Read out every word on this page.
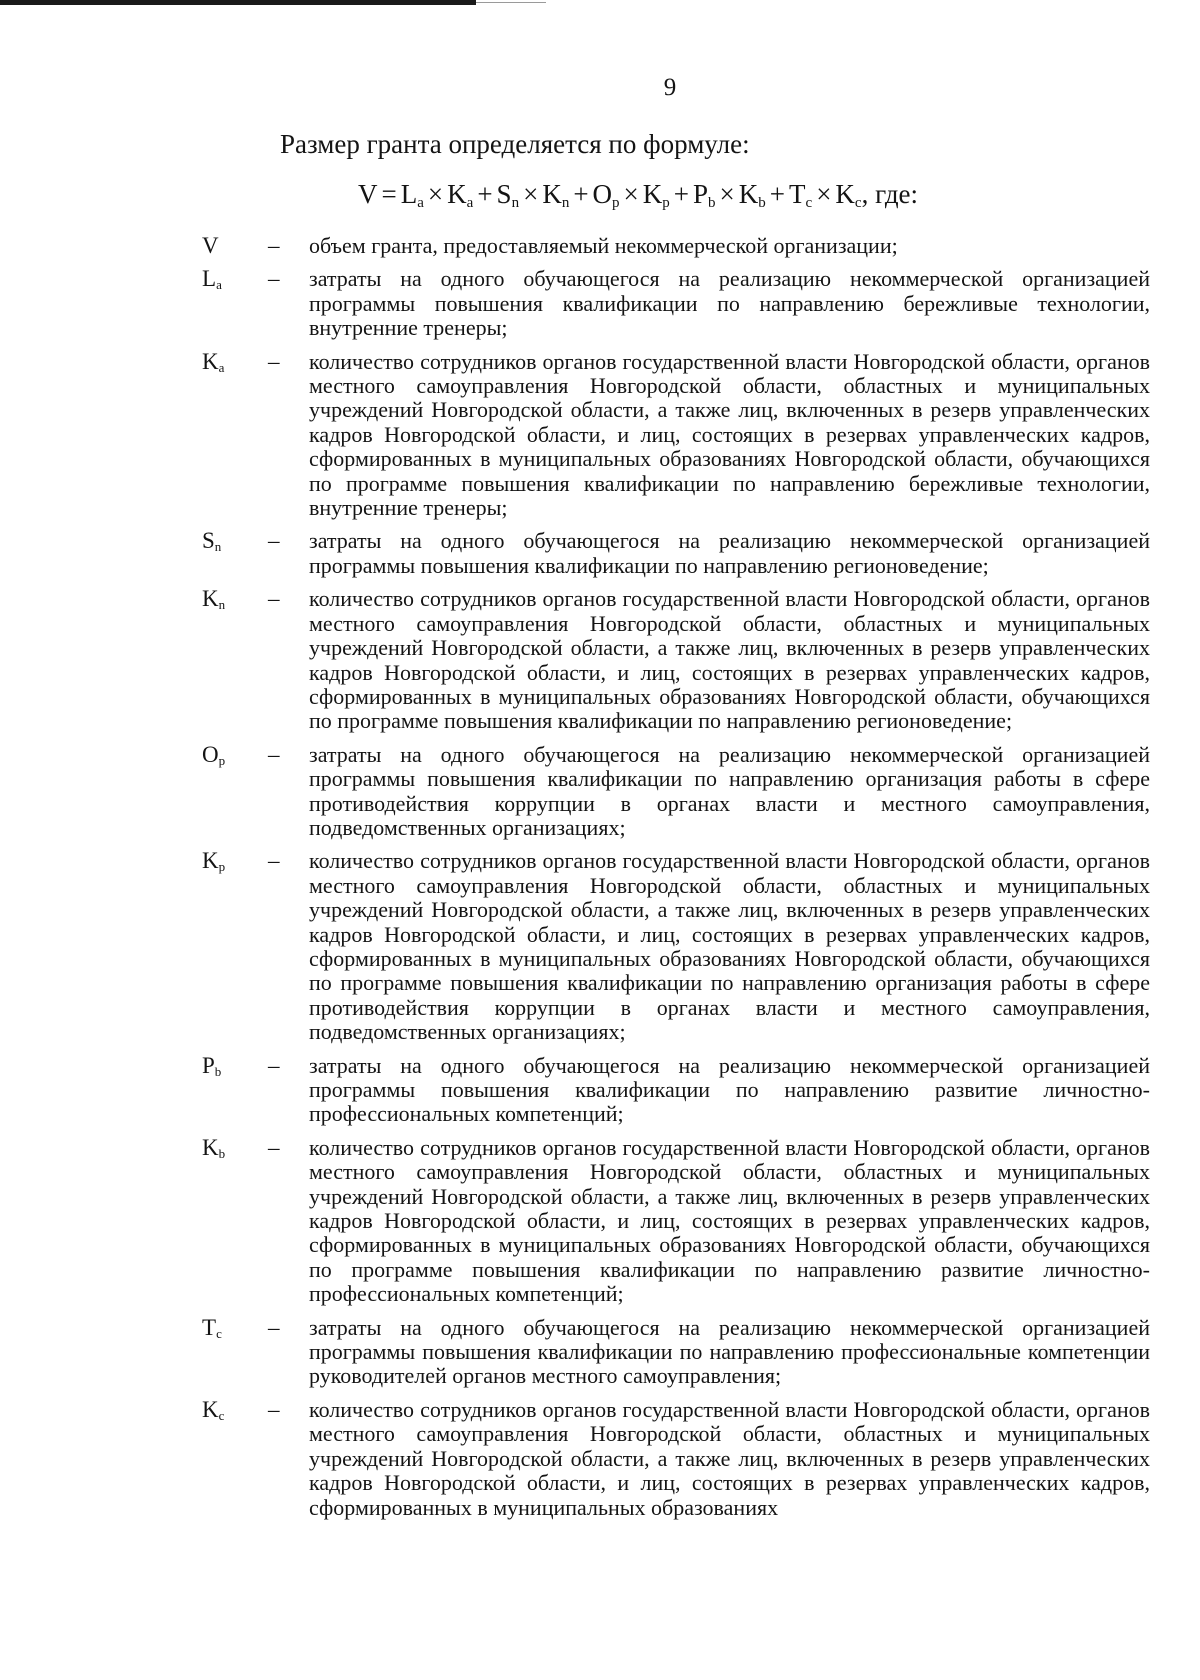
9
Размер гранта определяется по формуле:
$V = L_a \times K_a + S_n \times K_n + O_p \times K_p + P_b \times K_b + T_c \times K_c$, где:
V – объем гранта, предоставляемый некоммерческой организации;
$L_a$ – затраты на одного обучающегося на реализацию некоммерческой организацией программы повышения квалификации по направлению бережливые технологии, внутренние тренеры;
$K_a$ – количество сотрудников органов государственной власти Новгородской области, органов местного самоуправления Новгородской области, областных и муниципальных учреждений Новгородской области, а также лиц, включенных в резерв управленческих кадров Новгородской области, и лиц, состоящих в резервах управленческих кадров, сформированных в муниципальных образованиях Новгородской области, обучающихся по программе повышения квалификации по направлению бережливые технологии, внутренние тренеры;
$S_n$ – затраты на одного обучающегося на реализацию некоммерческой организацией программы повышения квалификации по направлению регионоведение;
$K_n$ – количество сотрудников органов государственной власти Новгородской области, органов местного самоуправления Новгородской области, областных и муниципальных учреждений Новгородской области, а также лиц, включенных в резерв управленческих кадров Новгородской области, и лиц, состоящих в резервах управленческих кадров, сформированных в муниципальных образованиях Новгородской области, обучающихся по программе повышения квалификации по направлению регионоведение;
$O_p$ – затраты на одного обучающегося на реализацию некоммерческой организацией программы повышения квалификации по направлению организация работы в сфере противодействия коррупции в органах власти и местного самоуправления, подведомственных организациях;
$K_p$ – количество сотрудников органов государственной власти Новгородской области, органов местного самоуправления Новгородской области, областных и муниципальных учреждений Новгородской области, а также лиц, включенных в резерв управленческих кадров Новгородской области, и лиц, состоящих в резервах управленческих кадров, сформированных в муниципальных образованиях Новгородской области, обучающихся по программе повышения квалификации по направлению организация работы в сфере противодействия коррупции в органах власти и местного самоуправления, подведомственных организациях;
$P_b$ – затраты на одного обучающегося на реализацию некоммерческой организацией программы повышения квалификации по направлению развитие личностно-профессиональных компетенций;
$K_b$ – количество сотрудников органов государственной власти Новгородской области, органов местного самоуправления Новгородской области, областных и муниципальных учреждений Новгородской области, а также лиц, включенных в резерв управленческих кадров Новгородской области, и лиц, состоящих в резервах управленческих кадров, сформированных в муниципальных образованиях Новгородской области, обучающихся по программе повышения квалификации по направлению развитие личностно-профессиональных компетенций;
$T_c$ – затраты на одного обучающегося на реализацию некоммерческой организацией программы повышения квалификации по направлению профессиональные компетенции руководителей органов местного самоуправления;
$K_c$ – количество сотрудников органов государственной власти Новгородской области, органов местного самоуправления Новгородской области, областных и муниципальных учреждений Новгородской области, а также лиц, включенных в резерв управленческих кадров Новгородской области, и лиц, состоящих в резервах управленческих кадров, сформированных в муниципальных образованиях
